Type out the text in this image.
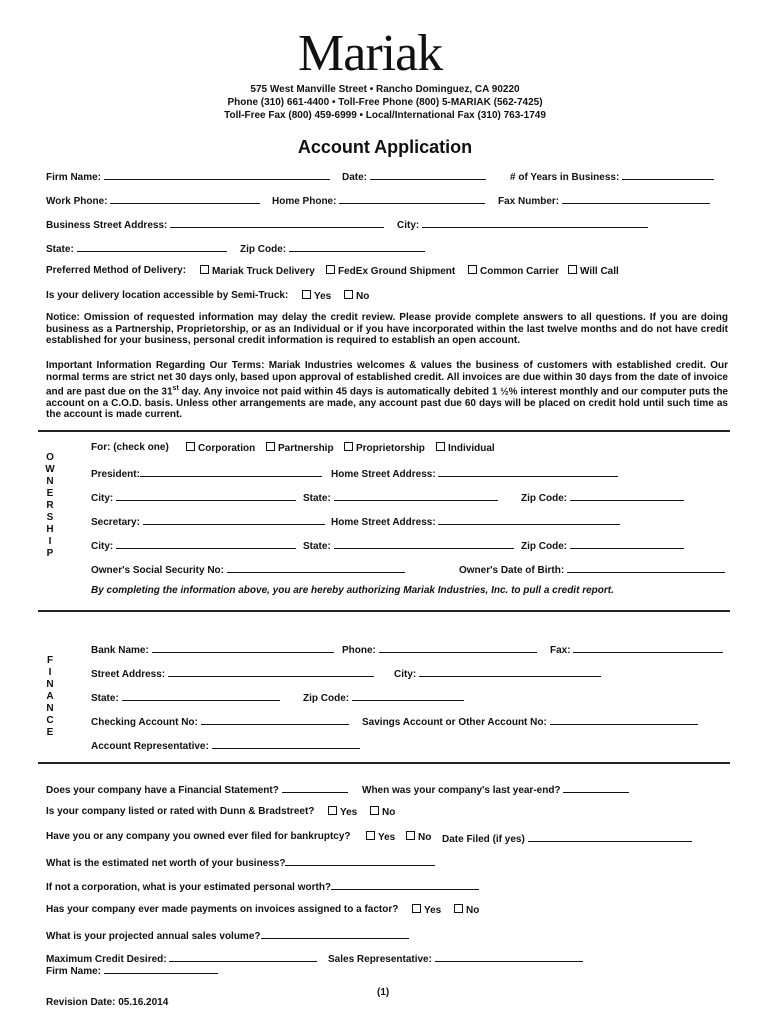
Mariak
575 West Manville Street • Rancho Dominguez, CA 90220
Phone (310) 661-4400 • Toll-Free Phone (800) 5-MARIAK (562-7425)
Toll-Free Fax (800) 459-6999 • Local/International Fax (310) 763-1749
Account Application
Firm Name:	Date:	# of Years in Business:
Work Phone:	Home Phone:	Fax Number:
Business Street Address:	City:
State:	Zip Code:
Preferred Method of Delivery:	Mariak Truck Delivery	FedEx Ground Shipment	Common Carrier	Will Call
Is your delivery location accessible by Semi-Truck:	Yes	No
Notice: Omission of requested information may delay the credit review. Please provide complete answers to all questions. If you are doing business as a Partnership, Proprietorship, or as an Individual or if you have incorporated within the last twelve months and do not have credit established for your business, personal credit information is required to establish an open account.
Important Information Regarding Our Terms: Mariak Industries welcomes & values the business of customers with established credit. Our normal terms are strict net 30 days only, based upon approval of established credit. All invoices are due within 30 days from the date of invoice and are past due on the 31st day. Any invoice not paid within 45 days is automatically debited 1 ½% interest monthly and our computer puts the account on a C.O.D. basis. Unless other arrangements are made, any account past due 60 days will be placed on credit hold until such time as the account is made current.
O
W
N
E
R
S
H
I
P
For: (check one)	Corporation	Partnership	Proprietorship	Individual
President:	Home Street Address:
City:	State:	Zip Code:
Secretary:	Home Street Address:
City:	State:	Zip Code:
Owner's Social Security No:	Owner's Date of Birth:
By completing the information above, you are hereby authorizing Mariak Industries, Inc. to pull a credit report.
F
I
N
A
N
C
E
Bank Name:	Phone:	Fax:
Street Address:	City:
State:	Zip Code:
Checking Account No:	Savings Account or Other Account No:
Account Representative:
Does your company have a Financial Statement?	When was your company's last year-end?
Is your company listed or rated with Dunn & Bradstreet?	Yes	No
Have you or any company you owned ever filed for bankruptcy?	Yes	No Date Filed (if yes)
What is the estimated net worth of your business?
If not a corporation, what is your estimated personal worth?
Has your company ever made payments on invoices assigned to a factor?	Yes	No
What is your projected annual sales volume?
Maximum Credit Desired:	Sales Representative:
Firm Name:
(1)
Revision Date: 05.16.2014
